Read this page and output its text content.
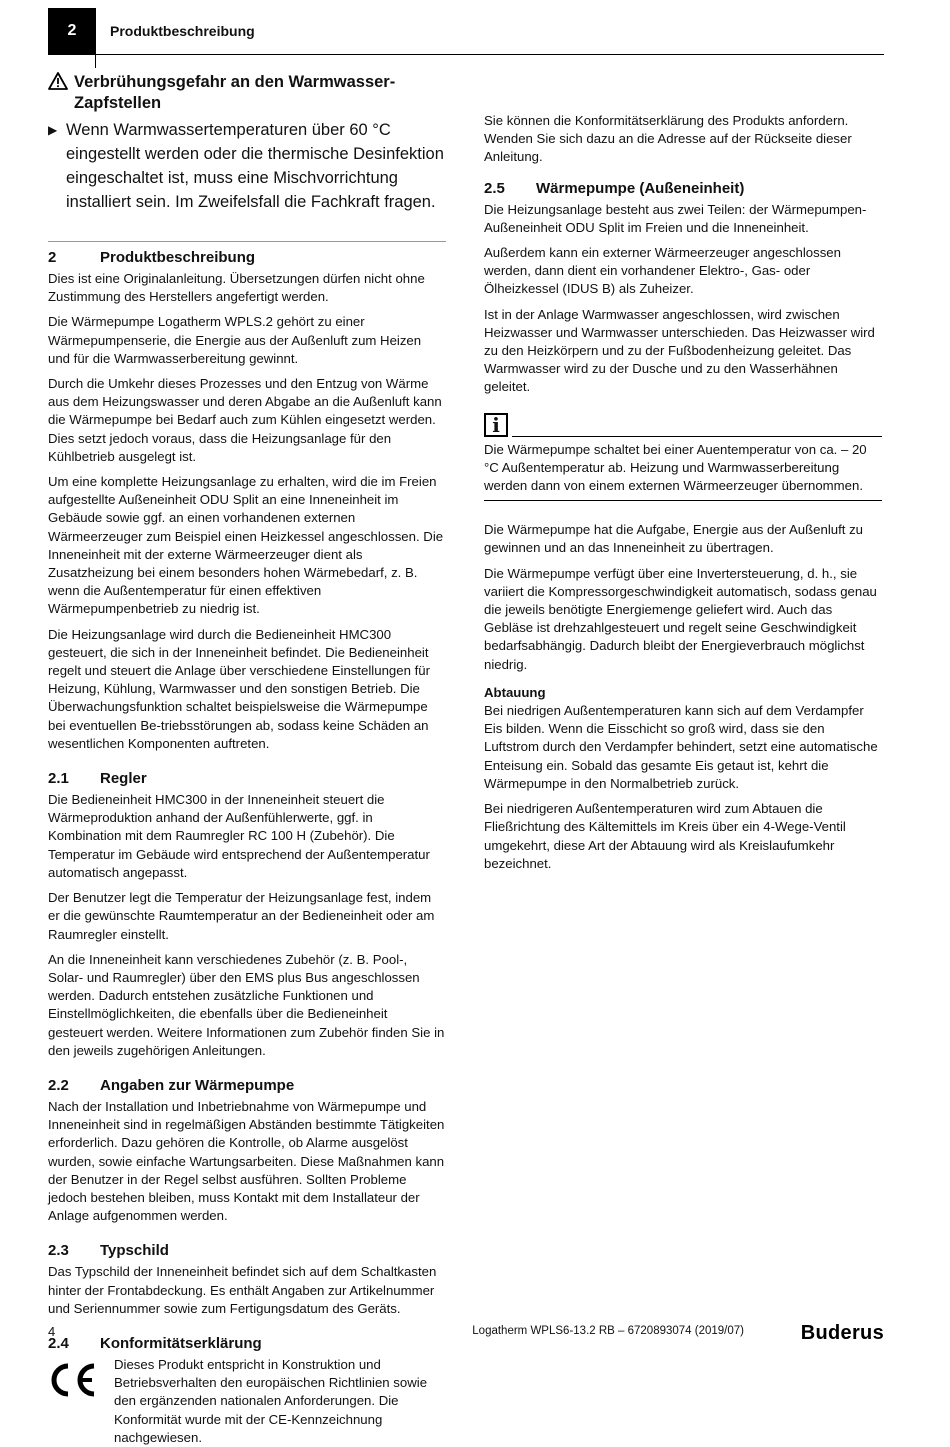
2	Produktbeschreibung
Verbrühungsgefahr an den Warmwasser-Zapfstellen
▶ Wenn Warmwassertemperaturen über 60 °C eingestellt werden oder die thermische Desinfektion eingeschaltet ist, muss eine Mischvorrichtung installiert sein. Im Zweifelsfall die Fachkraft fragen.
2	Produktbeschreibung

Dies ist eine Originalanleitung. Übersetzungen dürfen nicht ohne Zustimmung des Herstellers angefertigt werden.

Die Wärmepumpe Logatherm WPLS.2 gehört zu einer Wärmepumpenserie, die Energie aus der Außenluft zum Heizen und für die Warmwasserbereitung gewinnt.

Durch die Umkehr dieses Prozesses und den Entzug von Wärme aus dem Heizungswasser und deren Abgabe an die Außenluft kann die Wärmepumpe bei Bedarf auch zum Kühlen eingesetzt werden. Dies setzt jedoch voraus, dass die Heizungsanlage für den Kühlbetrieb ausgelegt ist.

Um eine komplette Heizungsanlage zu erhalten, wird die im Freien aufgestellte Außeneinheit ODU Split an eine Inneneinheit im Gebäude sowie ggf. an einen vorhandenen externen Wärmeerzeuger zum Beispiel einen Heizkessel angeschlossen. Die Inneneinheit mit der externe Wärmeerzeuger dient als Zusatzheizung bei einem besonders hohen Wärmebedarf, z. B. wenn die Außentemperatur für einen effektiven Wärmepumpenbetrieb zu niedrig ist.

Die Heizungsanlage wird durch die Bedieneinheit HMC300 gesteuert, die sich in der Inneneinheit befindet. Die Bedieneinheit regelt und steuert die Anlage über verschiedene Einstellungen für Heizung, Kühlung, Warmwasser und den sonstigen Betrieb. Die Überwachungsfunktion schaltet beispielsweise die Wärmepumpe bei eventuellen Be-triebsstörungen ab, sodass keine Schäden an wesentlichen Komponenten auftreten.

2.1	Regler

Die Bedieneinheit HMC300 in der Inneneinheit steuert die Wärmeproduktion anhand der Außenfühlerwerte, ggf. in Kombination mit dem Raumregler RC 100 H (Zubehör). Die Temperatur im Gebäude wird entsprechend der Außentemperatur automatisch angepasst.

Der Benutzer legt die Temperatur der Heizungsanlage fest, indem er die gewünschte Raumtemperatur an der Bedieneinheit oder am Raumregler einstellt.

An die Inneneinheit kann verschiedenes Zubehör (z. B. Pool-, Solar- und Raumregler) über den EMS plus Bus angeschlossen werden. Dadurch entstehen zusätzliche Funktionen und Einstellmöglichkeiten, die ebenfalls über die Bedieneinheit gesteuert werden. Weitere Informationen zum Zubehör finden Sie in den jeweils zugehörigen Anleitungen.

2.2	Angaben zur Wärmepumpe

Nach der Installation und Inbetriebnahme von Wärmepumpe und Inneneinheit sind in regelmäßigen Abständen bestimmte Tätigkeiten erforderlich. Dazu gehören die Kontrolle, ob Alarme ausgelöst wurden, sowie einfache Wartungsarbeiten. Diese Maßnahmen kann der Benutzer in der Regel selbst ausführen. Sollten Probleme jedoch bestehen bleiben, muss Kontakt mit dem Installateur der Anlage aufgenommen werden.

2.3	Typschild

Das Typschild der Inneneinheit befindet sich auf dem Schaltkasten hinter der Frontabdeckung. Es enthält Angaben zur Artikelnummer und Seriennummer sowie zum Fertigungsdatum des Geräts.

2.4	Konformitätserklärung

Dieses Produkt entspricht in Konstruktion und Betriebsverhalten den europäischen Richtlinien sowie den ergänzenden nationalen Anforderungen. Die Konformität wurde mit der CE-Kennzeichnung nachgewiesen.

Sie können die Konformitätserklärung des Produkts anfordern. Wenden Sie sich dazu an die Adresse auf der Rückseite dieser Anleitung.

2.5	Wärmepumpe (Außeneinheit)

Die Heizungsanlage besteht aus zwei Teilen: der Wärmepumpen-Außeneinheit ODU Split im Freien und die Inneneinheit.

Außerdem kann ein externer Wärmeerzeuger angeschlossen werden, dann dient ein vorhandener Elektro-, Gas- oder Ölheizkessel (IDUS B) als Zuheizer.

Ist in der Anlage Warmwasser angeschlossen, wird zwischen Heizwasser und Warmwasser unterschieden. Das Heizwasser wird zu den Heizkörpern und zu der Fußbodenheizung geleitet. Das Warmwasser wird zu der Dusche und zu den Wasserhähnen geleitet.

i

Die Wärmepumpe schaltet bei einer Auentemperatur von ca. – 20 °C Außentemperatur ab. Heizung und Warmwasserbereitung werden dann von einem externen Wärmeerzeuger übernommen.

Die Wärmepumpe hat die Aufgabe, Energie aus der Außenluft zu gewinnen und an das Inneneinheit zu übertragen.

Die Wärmepumpe verfügt über eine Invertersteuerung, d. h., sie variiert die Kompressorgeschwindigkeit automatisch, sodass genau die jeweils benötigte Energiemenge geliefert wird. Auch das Gebläse ist drehzahlgesteuert und regelt seine Geschwindigkeit bedarfsabhängig. Dadurch bleibt der Energieverbrauch möglichst niedrig.

Abtauung

Bei niedrigen Außentemperaturen kann sich auf dem Verdampfer Eis bilden. Wenn die Eisschicht so groß wird, dass sie den Luftstrom durch den Verdampfer behindert, setzt eine automatische Enteisung ein. Sobald das gesamte Eis getaut ist, kehrt die Wärmepumpe in den Normalbetrieb zurück.

Bei niedrigeren Außentemperaturen wird zum Abtauen die Fließrichtung des Kältemittels im Kreis über ein 4-Wege-Ventil umgekehrt, diese Art der Abtauung wird als Kreislaufumkehr bezeichnet.

4	Logatherm WPLS6-13.2 RB – 6720893074 (2019/07)	Buderus
